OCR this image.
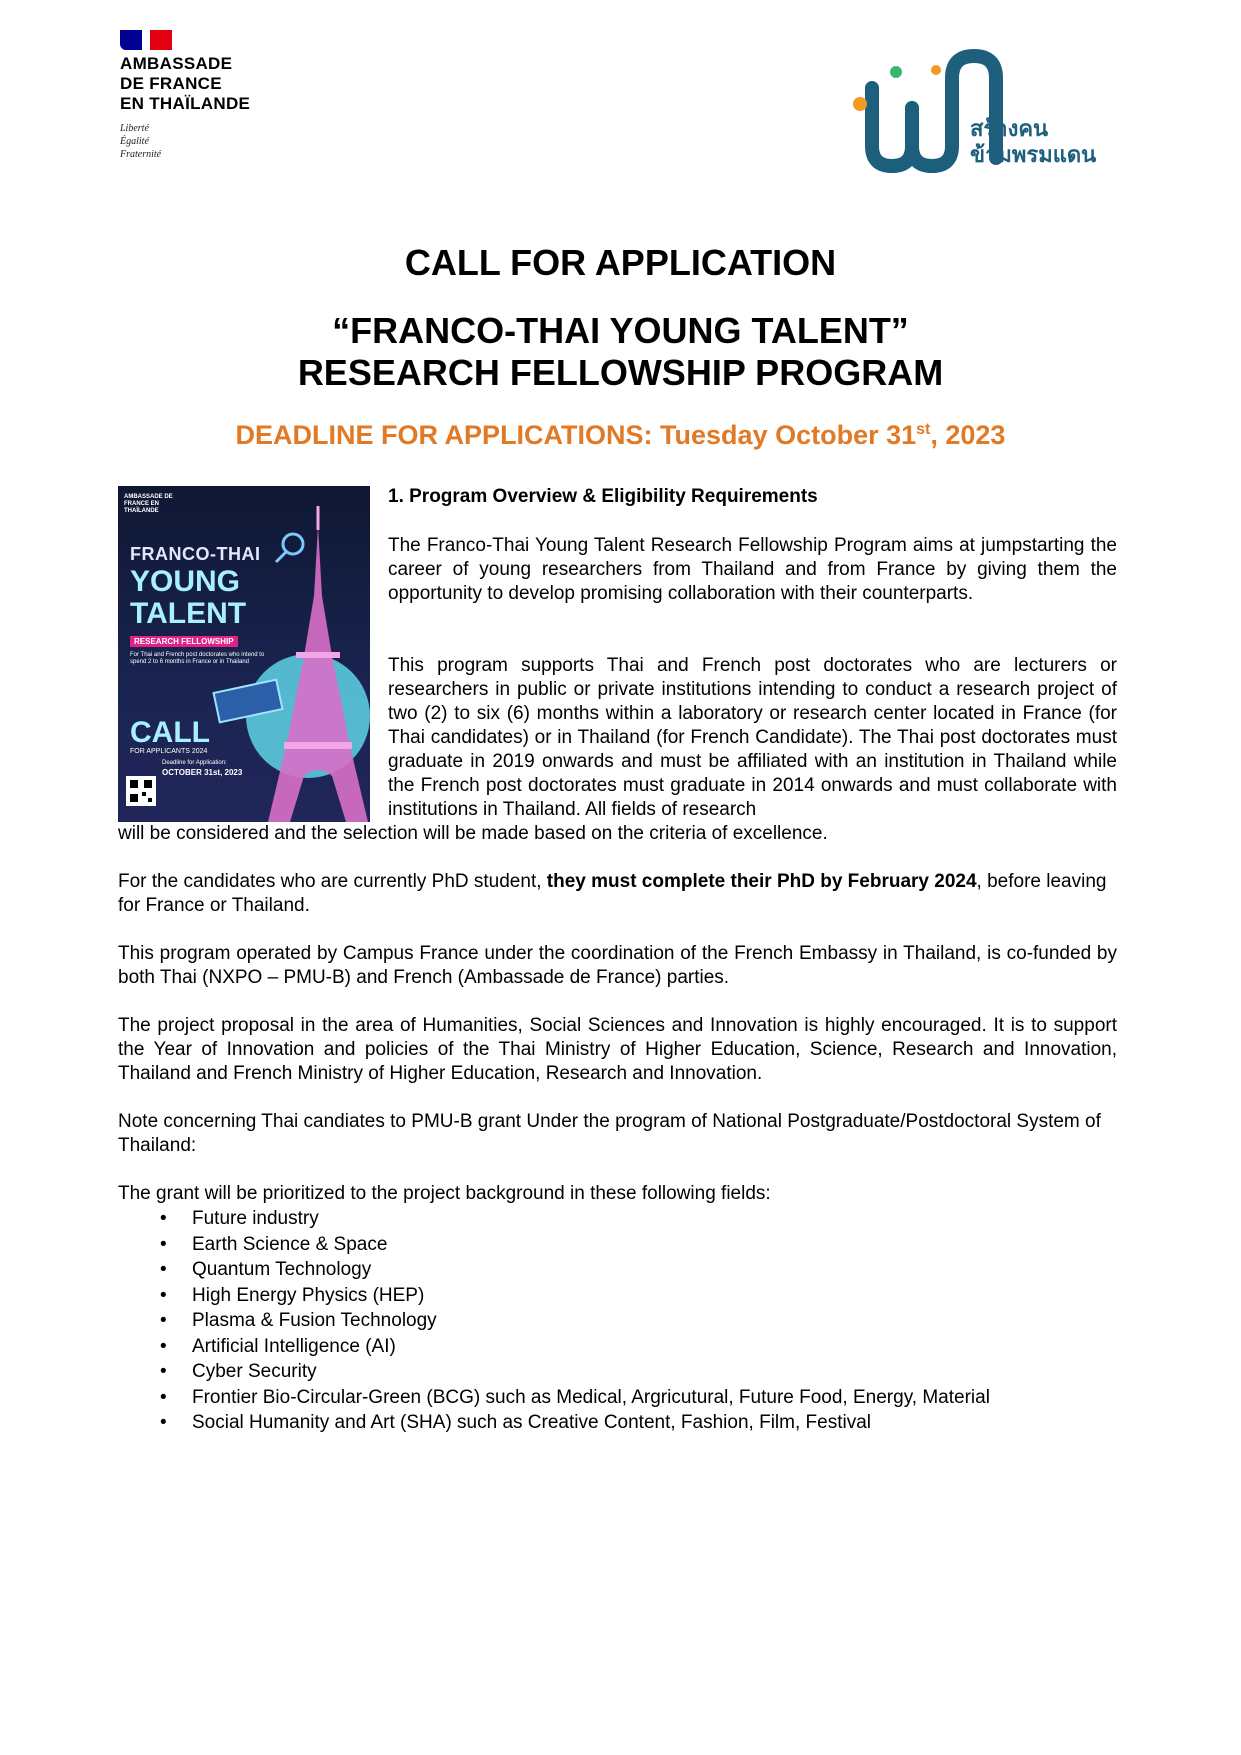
AMBASSADE
DE FRANCE
EN THAÏLANDE
Liberté
Égalité
Fraternité
สร้างคน
ข้ามพรมแดน
CALL FOR APPLICATION
“FRANCO-THAI YOUNG TALENT”
RESEARCH FELLOWSHIP PROGRAM
DEADLINE FOR APPLICATIONS: Tuesday October 31st, 2023
AMBASSADE DE FRANCE EN THAÏLANDE
FRANCO-THAI
YOUNG
TALENT
RESEARCH FELLOWSHIP
For Thai and French post doctorates who intend to spend 2 to 6 months in France or in Thailand
CALL
FOR APPLICANTS 2024
Deadline for Application:
OCTOBER 31st, 2023
1. Program Overview & Eligibility Requirements
The Franco-Thai Young Talent Research Fellowship Program aims at jumpstarting the career of young researchers from Thailand and from France by giving them the opportunity to develop promising collaboration with their counterparts.
This program supports Thai and French post doctorates who are lecturers or researchers in public or private institutions intending to conduct a research project of two (2) to six (6) months within a laboratory or research center located in France (for Thai candidates) or in Thailand (for French Candidate). The Thai post doctorates must graduate in 2019 onwards and must be affiliated with an institution in Thailand while the French post doctorates must graduate in 2014 onwards and must collaborate with institutions in Thailand. All fields of research
will be considered and the selection will be made based on the criteria of excellence.
For the candidates who are currently PhD student, they must complete their PhD by February 2024, before leaving for France or Thailand.
This program operated by Campus France under the coordination of the French Embassy in Thailand, is co-funded by both Thai (NXPO – PMU-B) and French (Ambassade de France) parties.
The project proposal in the area of Humanities, Social Sciences and Innovation is highly encouraged. It is to support the Year of Innovation and policies of the Thai Ministry of Higher Education, Science, Research and Innovation, Thailand and French Ministry of Higher Education, Research and Innovation.
Note concerning Thai candiates to PMU-B grant Under the program of National Postgraduate/Postdoctoral System of Thailand:
The grant will be prioritized to the project background in these following fields:
• Future industry
• Earth Science & Space
• Quantum Technology
• High Energy Physics (HEP)
• Plasma & Fusion Technology
• Artificial Intelligence (AI)
• Cyber Security
• Frontier Bio-Circular-Green (BCG) such as Medical, Argricutural, Future Food, Energy, Material
• Social Humanity and Art (SHA) such as Creative Content, Fashion, Film, Festival
